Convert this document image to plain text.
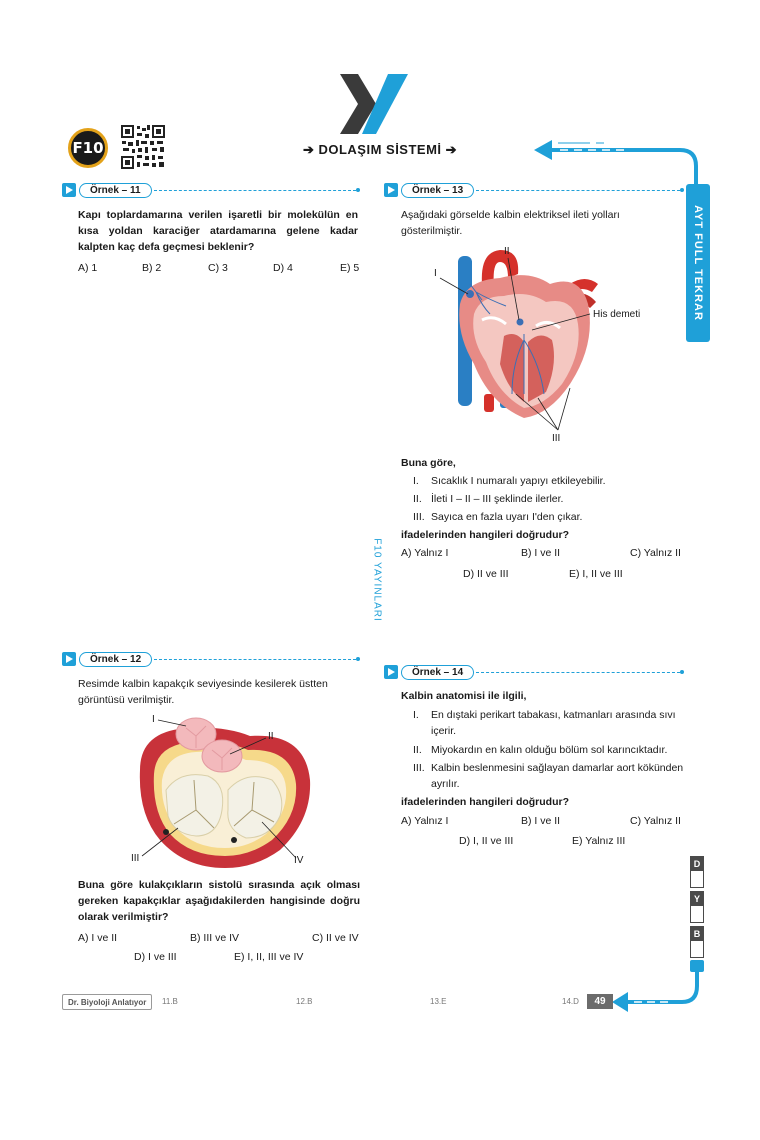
F10	➔ DOLAŞIM SİSTEMİ ➔
AYT FULL TEKRAR
Örnek – 11
Kapı toplardamarına verilen işaretli bir molekülün en kısa yoldan karaciğer atardamarına gelene kadar kalpten kaç defa geçmesi beklenir?
A) 1	B) 2	C) 3	D) 4	E) 5
Örnek – 13
Aşağıdaki görselde kalbin elektriksel ileti yolları gösterilmiştir.
I
II
His demeti
III
Buna göre,
I. Sıcaklık I numaralı yapıyı etkileyebilir.
II. İleti I – II – III şeklinde ilerler.
III. Sayıca en fazla uyarı I'den çıkar.
ifadelerinden hangileri doğrudur?
A) Yalnız I	B) I ve II	C) Yalnız II
D) II ve III	E) I, II ve III
F10 YAYINLARI
Örnek – 12
Resimde kalbin kapakçık seviyesinde kesilerek üstten görüntüsü verilmiştir.
I
II
III	IV
Buna göre kulakçıkların sistolü sırasında açık olması gereken kapakçıklar aşağıdakilerden hangisinde doğru olarak verilmiştir?
A) I ve II	B) III ve IV	C) II ve IV
D) I ve III	E) I, II, III ve IV
Örnek – 14
Kalbin anatomisi ile ilgili,
I. En dıştaki perikart tabakası, katmanları arasında sıvı içerir.
II. Miyokardın en kalın olduğu bölüm sol karıncıktadır.
III. Kalbin beslenmesini sağlayan damarlar aort kökünden ayrılır.
ifadelerinden hangileri doğrudur?
A) Yalnız I	B) I ve II	C) Yalnız II
D) I, II ve III	E) Yalnız III
D
Y
B
Dr. Biyoloji Anlatıyor	11.B	12.B	13.E	14.D	49
